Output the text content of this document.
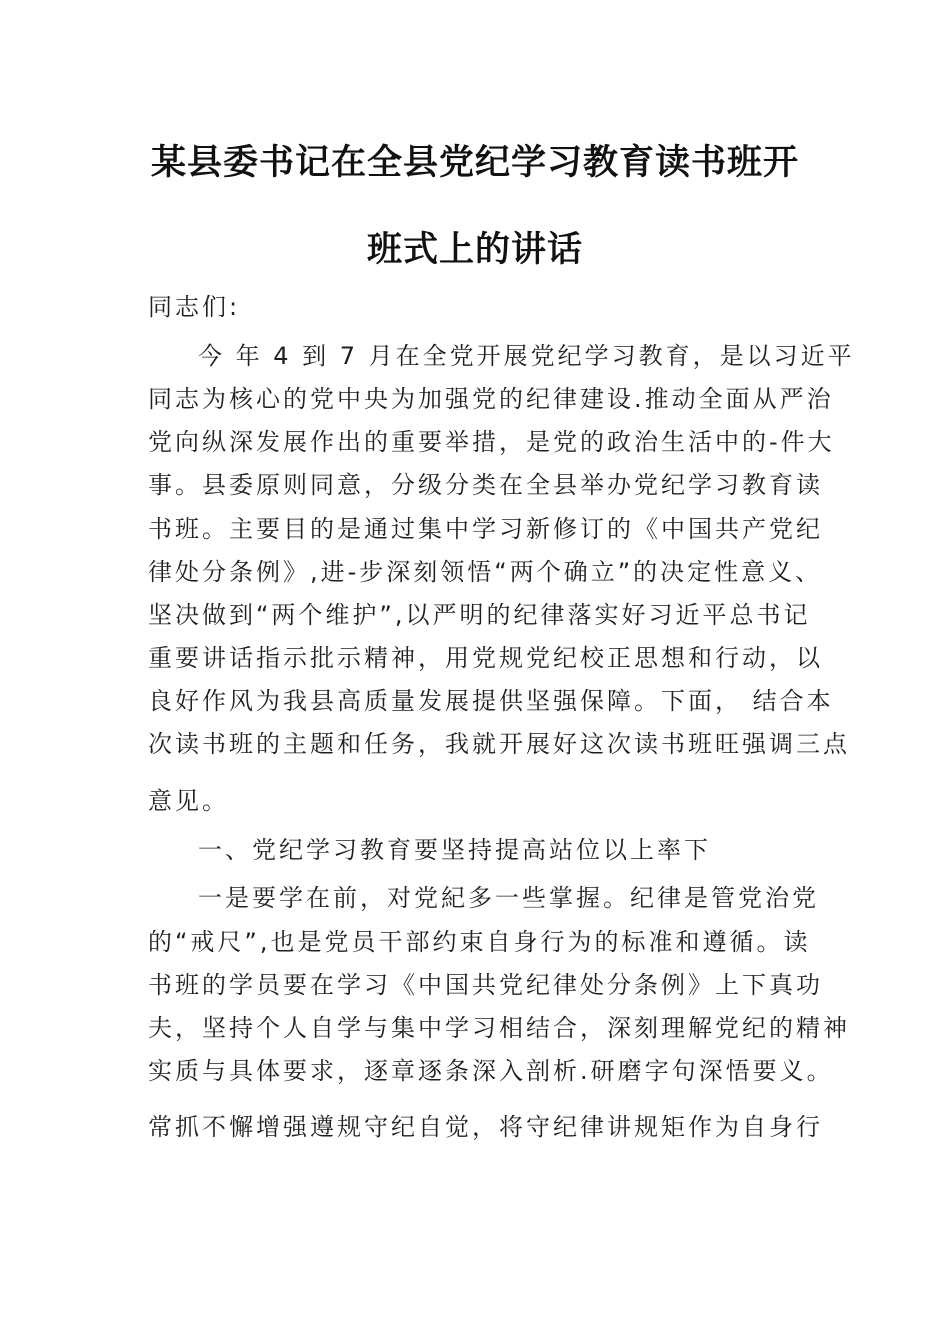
某县委书记在全县党纪学习教育读书班开
班式上的讲话
同志们:
今 年 4 到 7 月在全党开展党纪学习教育，是以习近平
同志为核心的党中央为加强党的纪律建设.推动全面从严治
党向纵深发展作出的重要举措，是党的政治生活中的-件大
事。县委原则同意，分级分类在全县举办党纪学习教育读
书班。主要目的是通过集中学习新修订的《中国共产党纪
律处分条例》,进-步深刻领悟“两个确立”的决定性意义、
坚决做到“两个维护”,以严明的纪律落实好习近平总书记
重要讲话指示批示精神，用党规党纪校正思想和行动，以
良好作风为我县高质量发展提供坚强保障。下面， 结合本
次读书班的主题和任务，我就开展好这次读书班旺强调三点
意见。
一、党纪学习教育要坚持提高站位以上率下
一是要学在前，对党紀多一些掌握。纪律是管党治党
的“戒尺”,也是党员干部约束自身行为的标准和遵循。读
书班的学员要在学习《中国共党纪律处分条例》上下真功
夫，坚持个人自学与集中学习相结合，深刻理解党纪的精神
实质与具体要求，逐章逐条深入剖析.研磨字句深悟要义。
常抓不懈增强遵规守纪自觉，将守纪律讲规矩作为自身行
